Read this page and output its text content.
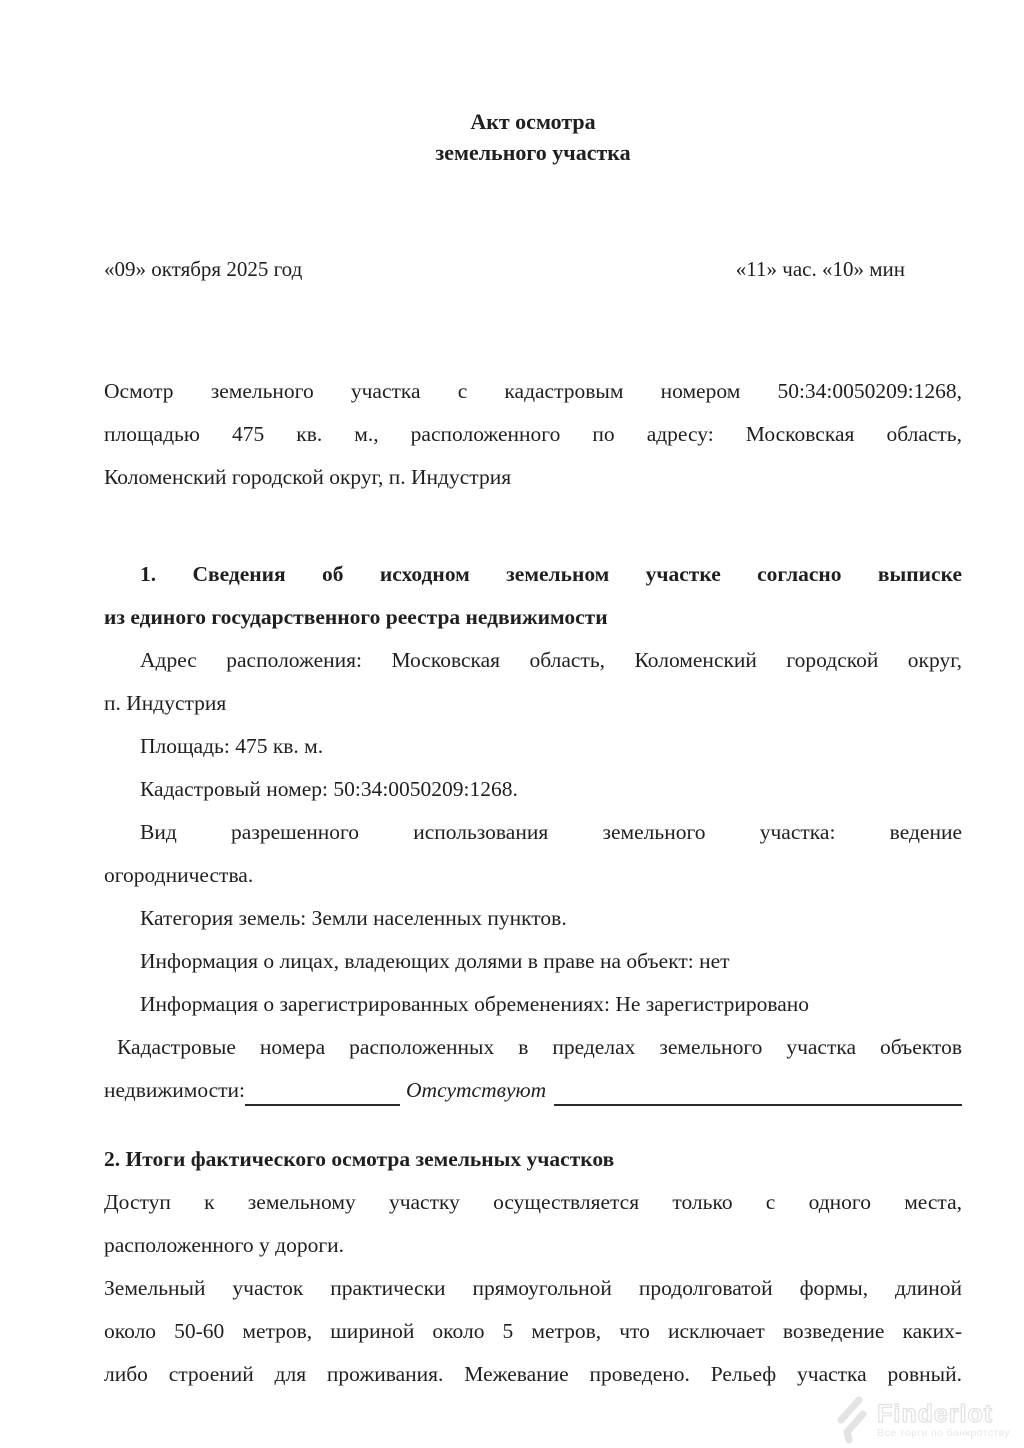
Акт осмотра
земельного участка
«09» октября 2025 год	«11» час. «10» мин
Осмотр земельного участка с кадастровым номером 50:34:0050209:1268,
площадью 475 кв. м., расположенного по адресу: Московская область,
Коломенский городской округ, п. Индустрия
1. Сведения об исходном земельном участке согласно выписке
из единого государственного реестра недвижимости
Адрес расположения: Московская область, Коломенский городской округ,
п. Индустрия
Площадь: 475 кв. м.
Кадастровый номер: 50:34:0050209:1268.
Вид разрешенного использования земельного участка: ведение
огородничества.
Категория земель: Земли населенных пунктов.
Информация о лицах, владеющих долями в праве на объект: нет
Информация о зарегистрированных обременениях: Не зарегистрировано
Кадастровые номера расположенных в пределах земельного участка объектов
недвижимости:	Отсутствуют
2. Итоги фактического осмотра земельных участков
Доступ к земельному участку осуществляется только с одного места,
расположенного у дороги.
Земельный участок практически прямоугольной продолговатой формы, длиной
около 50-60 метров, шириной около 5 метров, что исключает возведение каких-
либо строений для проживания. Межевание проведено. Рельеф участка ровный.
Finderlot
Все торги по банкротству
